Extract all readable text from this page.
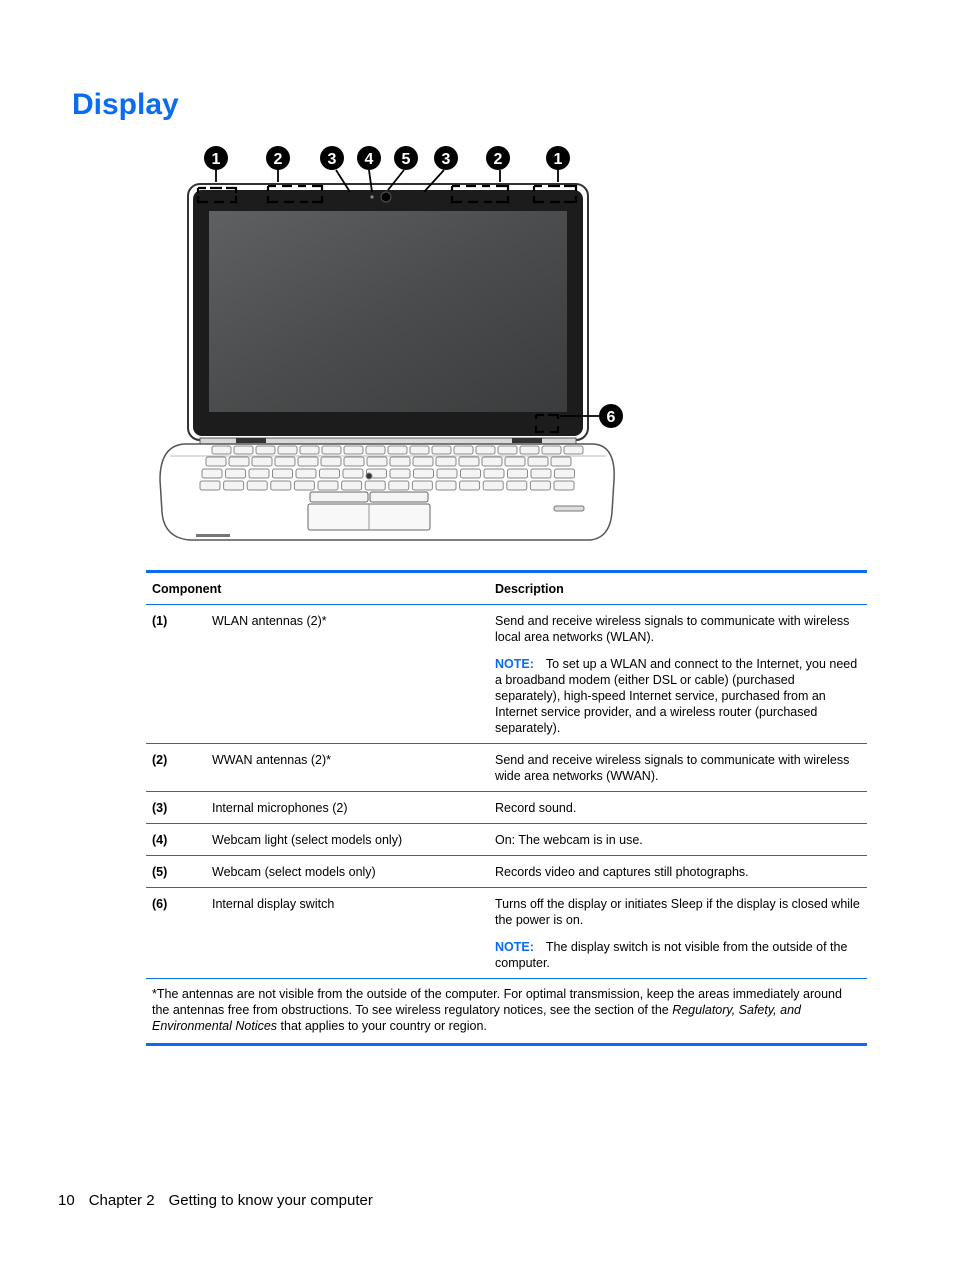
Display
1	2	3 4 5 3	2	1
6
Component		Description
(1)	WLAN antennas (2)*	Send and receive wireless signals to communicate with wireless local area networks (WLAN).

NOTE: To set up a WLAN and connect to the Internet, you need a broadband modem (either DSL or cable) (purchased separately), high-speed Internet service, purchased from an Internet service provider, and a wireless router (purchased separately).

(2)	WWAN antennas (2)*	Send and receive wireless signals to communicate with wireless wide area networks (WWAN).
(3)	Internal microphones (2)	Record sound.
(4)	Webcam light (select models only)	On: The webcam is in use.
(5)	Webcam (select models only)	Records video and captures still photographs.
(6)	Internal display switch	Turns off the display or initiates Sleep if the display is closed while the power is on.

NOTE: The display switch is not visible from the outside of the computer.

*The antennas are not visible from the outside of the computer. For optimal transmission, keep the areas immediately around the antennas free from obstructions. To see wireless regulatory notices, see the section of the Regulatory, Safety, and Environmental Notices that applies to your country or region.		
10 Chapter 2 Getting to know your computer
